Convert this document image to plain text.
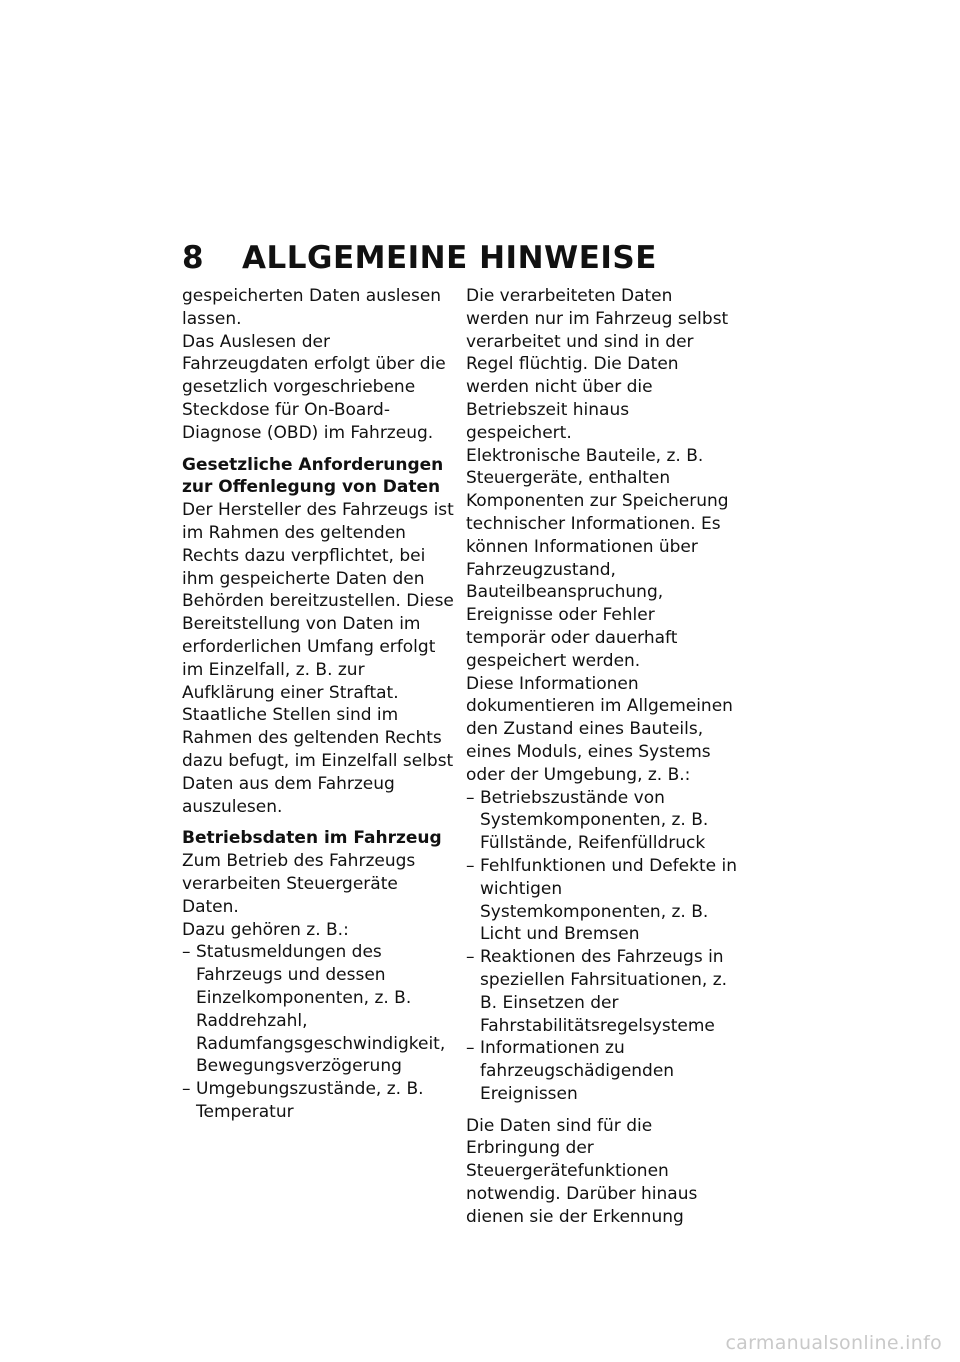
8 ALLGEMEINE HINWEISE

gespeicherten Daten auslesen lassen.

Das Auslesen der Fahrzeugdaten erfolgt über die gesetzlich vorgeschriebene Steckdose für On-Board-Diagnose (OBD) im Fahrzeug.

Gesetzliche Anforderungen zur Offenlegung von Daten

Der Hersteller des Fahrzeugs ist im Rahmen des geltenden Rechts dazu verpflichtet, bei ihm gespeicherte Daten den Behörden bereitzustellen. Diese Bereitstellung von Daten im erforderlichen Umfang erfolgt im Einzelfall, z. B. zur Aufklärung einer Straftat.

Staatliche Stellen sind im Rahmen des geltenden Rechts dazu befugt, im Einzelfall selbst Daten aus dem Fahrzeug auszulesen.

Betriebsdaten im Fahrzeug

Zum Betrieb des Fahrzeugs verarbeiten Steuergeräte Daten.

Dazu gehören z. B.:

– Statusmeldungen des Fahrzeugs und dessen Einzelkomponenten, z. B. Raddrehzahl, Radumfangsgeschwindigkeit, Bewegungsverzögerung
– Umgebungszustände, z. B. Temperatur

Die verarbeiteten Daten werden nur im Fahrzeug selbst verarbeitet und sind in der Regel flüchtig. Die Daten werden nicht über die Betriebszeit hinaus gespeichert.

Elektronische Bauteile, z. B. Steuergeräte, enthalten Komponenten zur Speicherung technischer Informationen. Es können Informationen über Fahrzeugzustand, Bauteilbeanspruchung, Ereignisse oder Fehler temporär oder dauerhaft gespeichert werden.

Diese Informationen dokumentieren im Allgemeinen den Zustand eines Bauteils, eines Moduls, eines Systems oder der Umgebung, z. B.:

– Betriebszustände von Systemkomponenten, z. B. Füllstände, Reifenfülldruck
– Fehlfunktionen und Defekte in wichtigen Systemkomponenten, z. B. Licht und Bremsen
– Reaktionen des Fahrzeugs in speziellen Fahrsituationen, z. B. Einsetzen der Fahrstabilitätsregelsysteme
– Informationen zu fahrzeugschädigenden Ereignissen

Die Daten sind für die Erbringung der Steuergerätefunktionen notwendig. Darüber hinaus dienen sie der Erkennung

carmanualsonline.info
